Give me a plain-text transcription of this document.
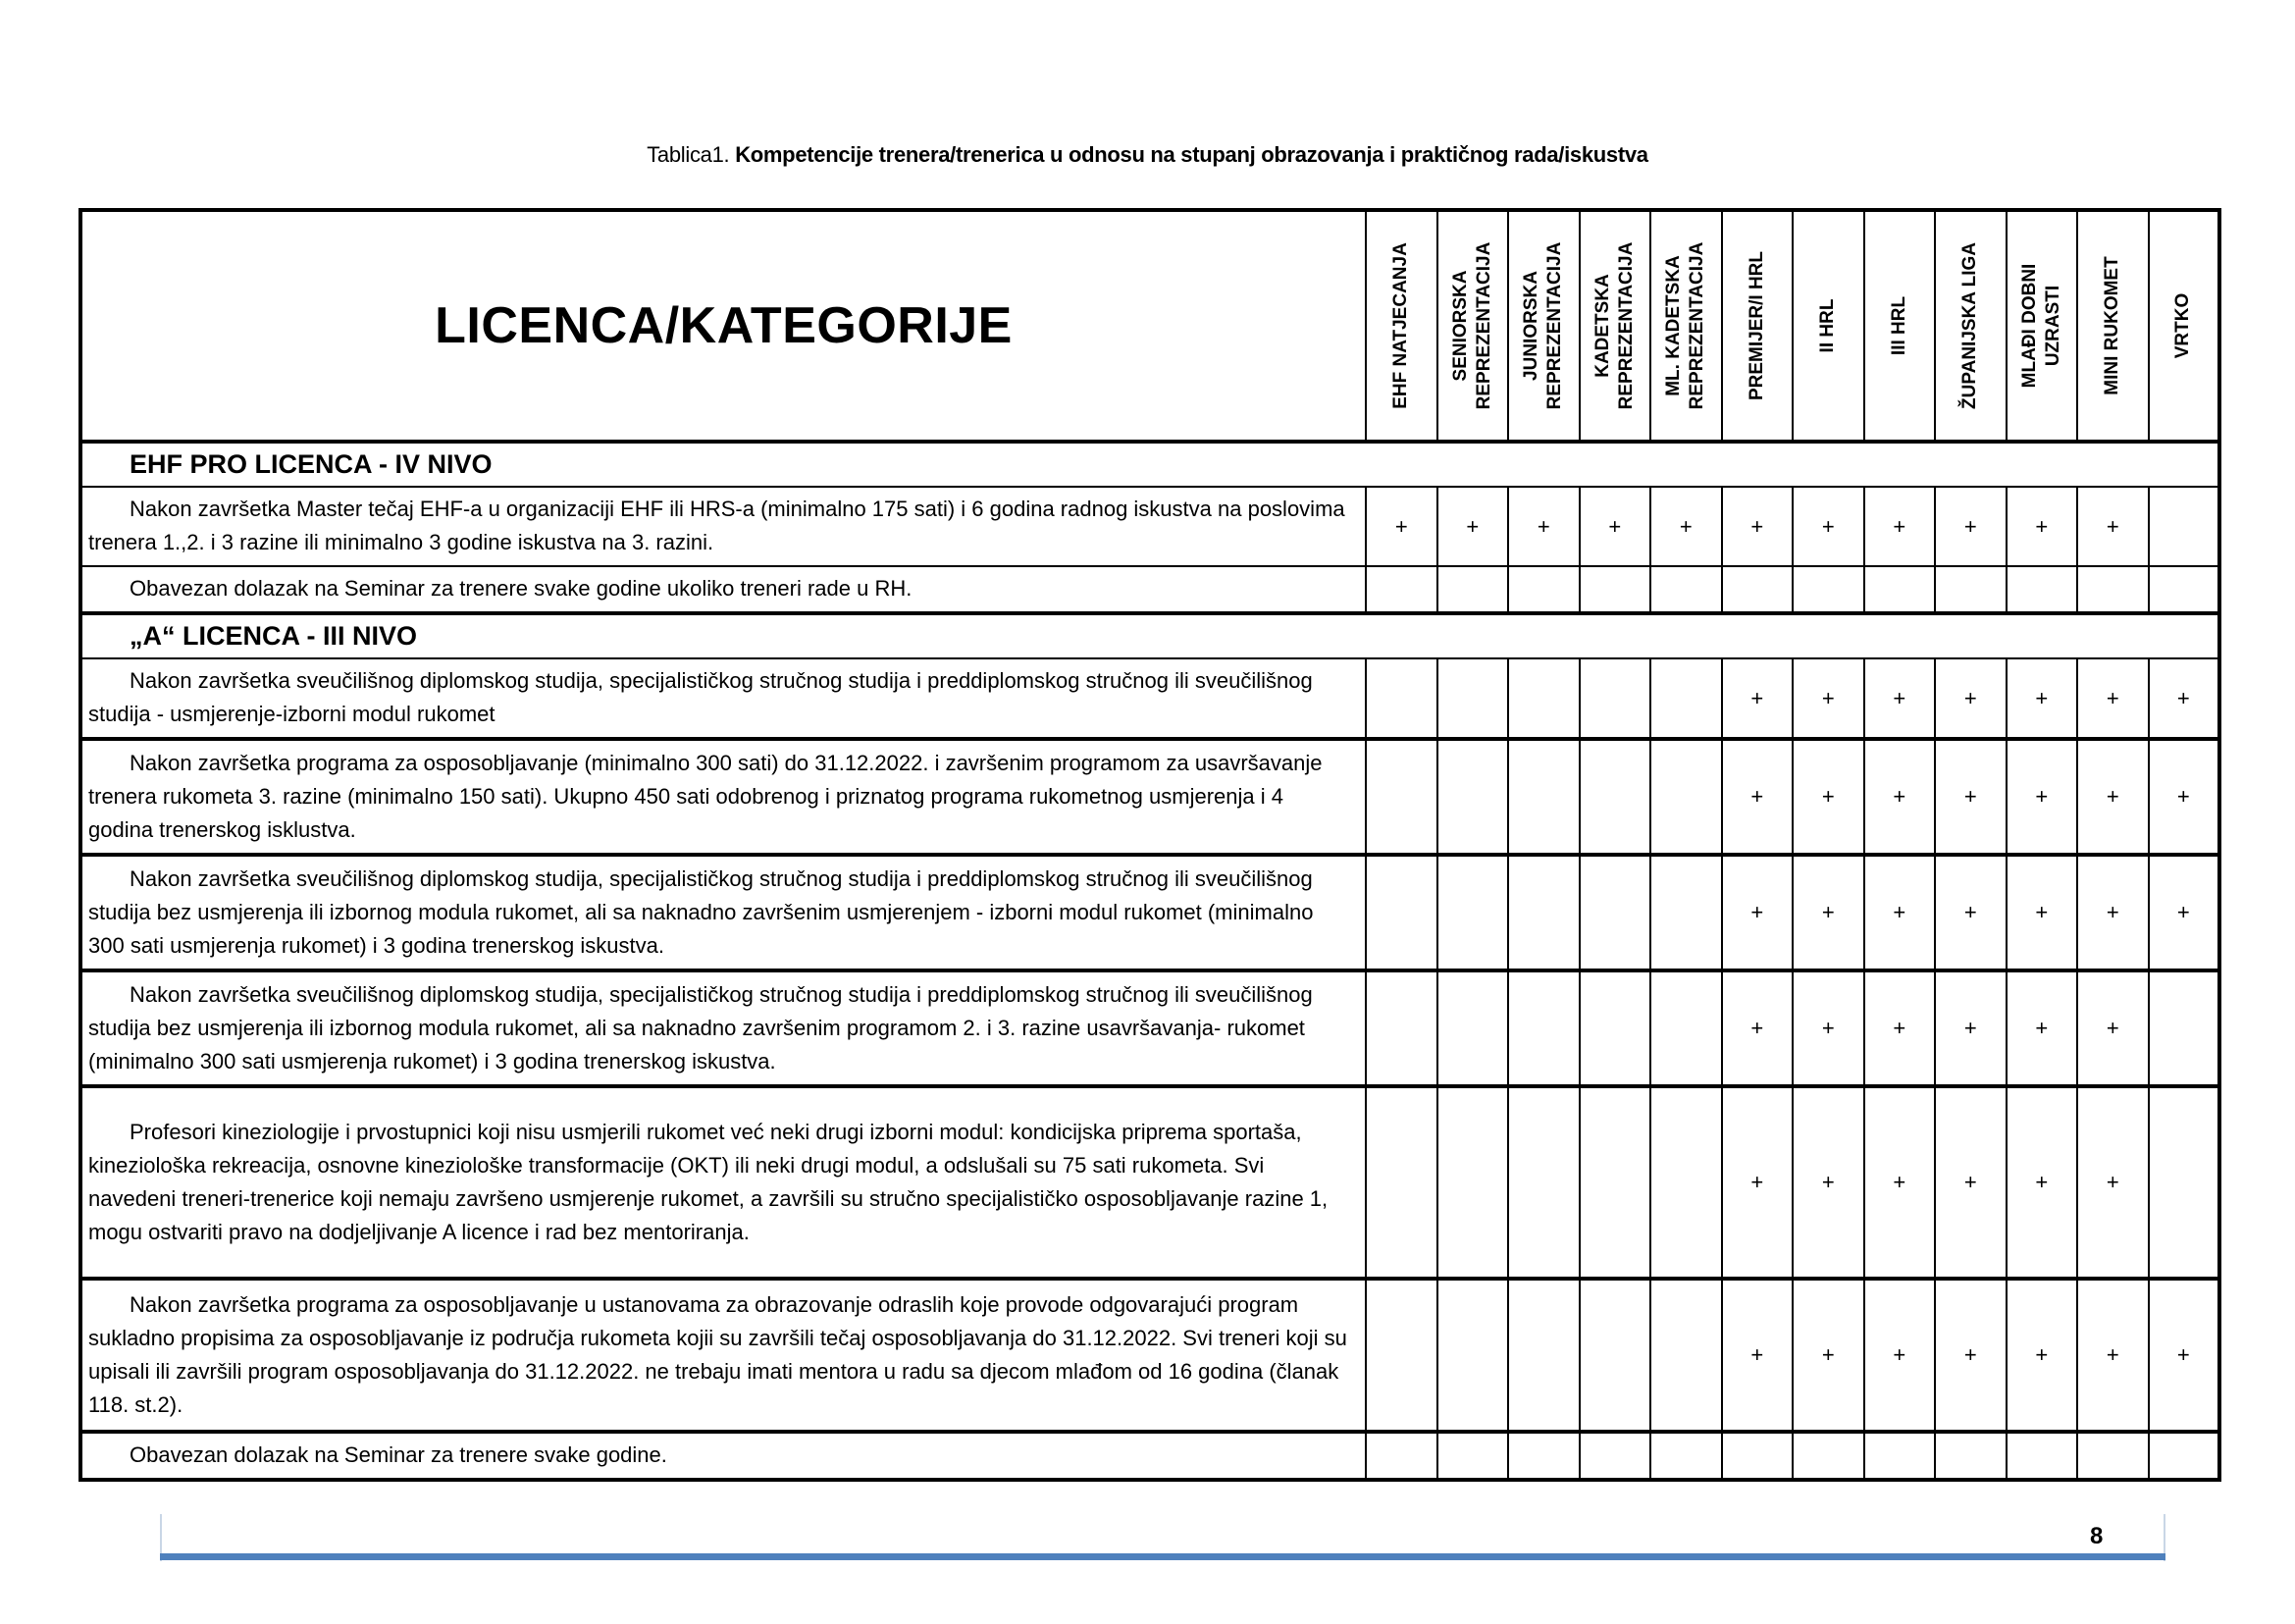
Tablica1. Kompetencije trenera/trenerica u odnosu na stupanj obrazovanja i praktičnog rada/iskustva
LICENCA/KATEGORIJE	EHF NATJECANJA	SENIORSKA REPREZENTACIJA	JUNIORSKA REPREZENTACIJA	KADETSKA REPREZENTACIJA	ML. KADETSKA REPREZENTACIJA	PREMIJER/I HRL	II HRL	III HRL	ŽUPANIJSKA LIGA	MLAĐI DOBNI UZRASTI	MINI RUKOMET	VRTKO

EHF PRO LICENCA - IV NIVO												
Nakon završetka Master tečaj EHF-a u organizaciji EHF ili HRS-a (minimalno 175 sati) i 6 godina radnog iskustva na poslovima trenera 1.,2. i 3 razine ili minimalno 3 godine iskustva na 3. razini.	+	+	+	+	+	+	+	+	+	+	+	
Obavezan dolazak na Seminar za trenere svake godine ukoliko treneri rade u RH.												
„A“ LICENCA - III NIVO												
Nakon završetka sveučilišnog diplomskog studija, specijalističkog stručnog studija i preddiplomskog stručnog ili sveučilišnog studija - usmjerenje-izborni modul rukomet						+	+	+	+	+	+	+
Nakon završetka programa za osposobljavanje (minimalno 300 sati) do 31.12.2022. i završenim programom za usavršavanje trenera rukometa 3. razine (minimalno 150 sati). Ukupno 450 sati odobrenog i priznatog programa rukometnog usmjerenja i 4 godina trenerskog isklustva.						+	+	+	+	+	+	+
Nakon završetka sveučilišnog diplomskog studija, specijalističkog stručnog studija i preddiplomskog stručnog ili sveučilišnog studija bez usmjerenja ili izbornog modula rukomet, ali sa naknadno završenim usmjerenjem - izborni modul rukomet (minimalno 300 sati usmjerenja rukomet) i 3 godina trenerskog iskustva.						+	+	+	+	+	+	+
Nakon završetka sveučilišnog diplomskog studija, specijalističkog stručnog studija i preddiplomskog stručnog ili sveučilišnog studija bez usmjerenja ili izbornog modula rukomet, ali sa naknadno završenim programom 2. i 3. razine usavršavanja- rukomet (minimalno 300 sati usmjerenja rukomet) i 3 godina trenerskog iskustva.						+	+	+	+	+	+	
Profesori kineziologije i prvostupnici koji nisu usmjerili rukomet već neki drugi izborni modul: kondicijska priprema sportaša, kineziološka rekreacija, osnovne kineziološke transformacije (OKT) ili neki drugi modul, a odslušali su 75 sati rukometa. Svi navedeni treneri-trenerice koji nemaju završeno usmjerenje rukomet, a završili su stručno specijalističko osposobljavanje razine 1, mogu ostvariti pravo na dodjeljivanje A licence i rad bez mentoriranja.						+	+	+	+	+	+	
Nakon završetka programa za osposobljavanje u ustanovama za obrazovanje odraslih koje provode odgovarajući program sukladno propisima za osposobljavanje iz područja rukometa kojii su završili tečaj osposobljavanja do 31.12.2022. Svi treneri koji su upisali ili završili program osposobljavanja do 31.12.2022. ne trebaju imati mentora u radu sa djecom mlađom od 16 godina (članak 118. st.2).						+	+	+	+	+	+	+
Obavezan dolazak na Seminar za trenere svake godine.												
8
